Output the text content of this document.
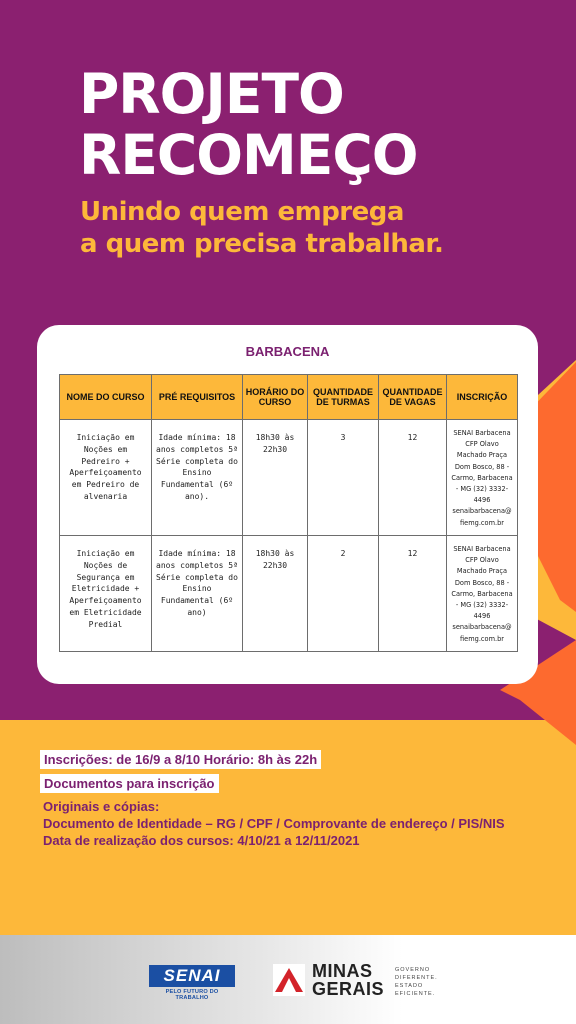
PROJETO
RECOMEÇO
Unindo quem emprega
a quem precisa trabalhar.
BARBACENA
NOME DO CURSO	PRÉ REQUISITOS	HORÁRIO DO CURSO	QUANTIDADE DE TURMAS	QUANTIDADE DE VAGAS	INSCRIÇÃO
Iniciação em Noções em Pedreiro + Aperfeiçoamento em Pedreiro de alvenaria	Idade mínima: 18 anos completos 5ª Série completa do Ensino Fundamental (6º ano).	18h30 às 22h30	3	12	SENAI Barbacena CFP Olavo Machado Praça Dom Bosco, 88 - Carmo, Barbacena - MG (32) 3332-4496 senaibarbacena@ fiemg.com.br
Iniciação em Noções de Segurança em Eletricidade + Aperfeiçoamento em Eletricidade Predial	Idade mínima: 18 anos completos 5ª Série completa do Ensino Fundamental (6º ano)	18h30 às 22h30	2	12	SENAI Barbacena CFP Olavo Machado Praça Dom Bosco, 88 - Carmo, Barbacena - MG (32) 3332-4496 senaibarbacena@ fiemg.com.br
Inscrições: de 16/9 a 8/10 Horário: 8h às 22h
Documentos para inscrição
Originais e cópias:
Documento de Identidade – RG / CPF / Comprovante de endereço / PIS/NIS
Data de realização dos cursos: 4/10/21 a 12/11/2021
SENAI
PELO FUTURO DO TRABALHO
MINAS
GERAIS
GOVERNO
DIFERENTE.
ESTADO
EFICIENTE.
